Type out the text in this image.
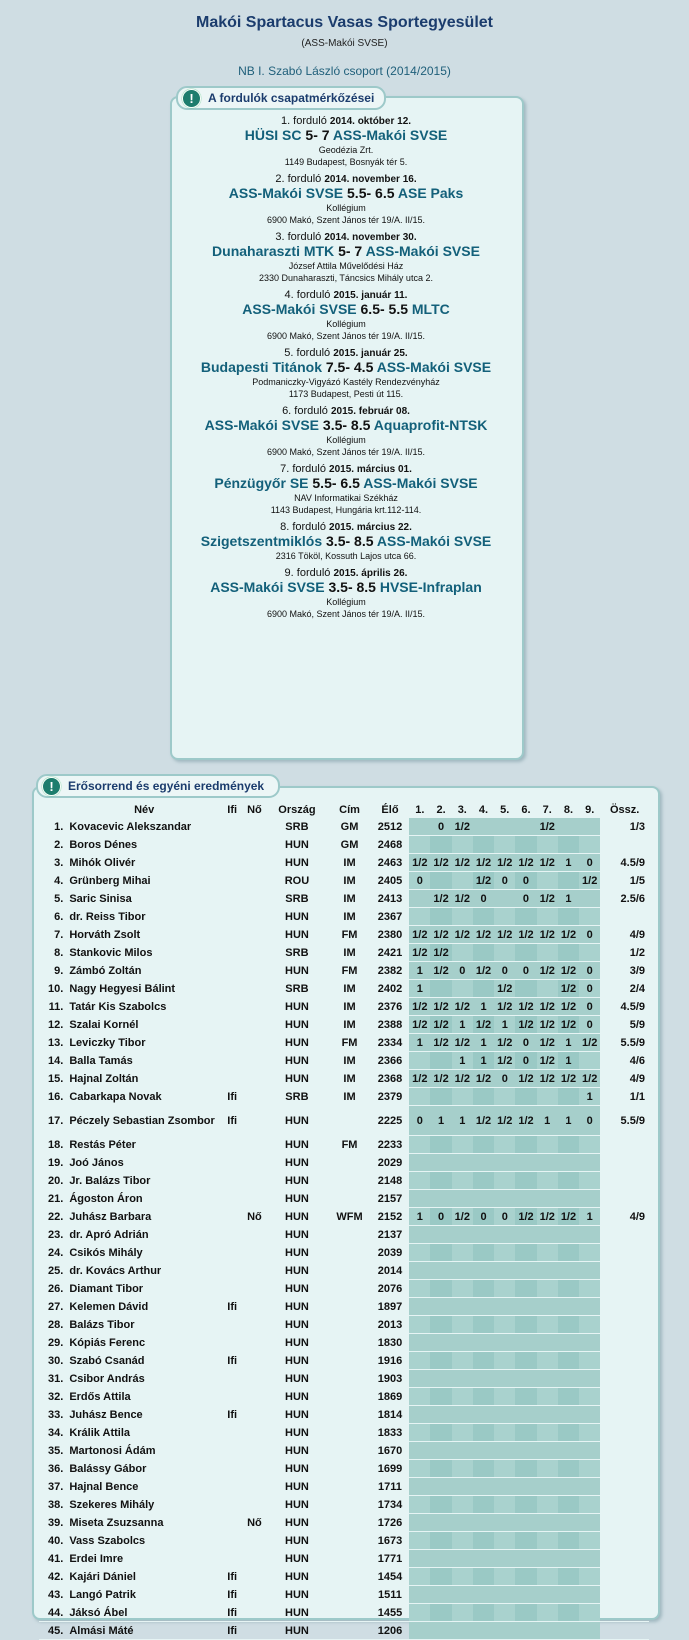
Makói Spartacus Vasas Sportegyesület
(ASS-Makói SVSE)
NB I. Szabó László csoport (2014/2015)
!	A fordulók csapatmérkőzései
1. forduló 2014. október 12.
HÜSI SC 5- 7 ASS-Makói SVSE
Geodézia Zrt.
1149 Budapest, Bosnyák tér 5.
2. forduló 2014. november 16.
ASS-Makói SVSE 5.5- 6.5 ASE Paks
Kollégium
6900 Makó, Szent János tér 19/A. II/15.
3. forduló 2014. november 30.
Dunaharaszti MTK 5- 7 ASS-Makói SVSE
József Attila Művelődési Ház
2330 Dunaharaszti, Táncsics Mihály utca 2.
4. forduló 2015. január 11.
ASS-Makói SVSE 6.5- 5.5 MLTC
Kollégium
6900 Makó, Szent János tér 19/A. II/15.
5. forduló 2015. január 25.
Budapesti Titánok 7.5- 4.5 ASS-Makói SVSE
Podmaniczky-Vigyázó Kastély Rendezvényház
1173 Budapest, Pesti út 115.
6. forduló 2015. február 08.
ASS-Makói SVSE 3.5- 8.5 Aquaprofit-NTSK
Kollégium
6900 Makó, Szent János tér 19/A. II/15.
7. forduló 2015. március 01.
Pénzügyőr SE 5.5- 6.5 ASS-Makói SVSE
NAV Informatikai Székház
1143 Budapest, Hungária krt.112-114.
8. forduló 2015. március 22.
Szigetszentmiklós 3.5- 8.5 ASS-Makói SVSE
2316 Tököl, Kossuth Lajos utca 66.
9. forduló 2015. április 26.
ASS-Makói SVSE 3.5- 8.5 HVSE-Infraplan
Kollégium
6900 Makó, Szent János tér 19/A. II/15.
!	Erősorrend és egyéni eredmények
	Név	Ifi	Nő	Ország	Cím	Élő	1.	2.	3.	4.	5.	6.	7.	8.	9.	Össz.
1.	Kovacevic Alekszandar			SRB	GM	2512		0	1/2				1/2			1/3
2.	Boros Dénes			HUN	GM	2468										
3.	Mihók Olivér			HUN	IM	2463	1/2	1/2	1/2	1/2	1/2	1/2	1/2	1	0	4.5/9
4.	Grünberg Mihai			ROU	IM	2405	0			1/2	0	0			1/2	1/5
5.	Saric Sinisa			SRB	IM	2413		1/2	1/2	0		0	1/2	1		2.5/6
6.	dr. Reiss Tibor			HUN	IM	2367										
7.	Horváth Zsolt			HUN	FM	2380	1/2	1/2	1/2	1/2	1/2	1/2	1/2	1/2	0	4/9
8.	Stankovic Milos			SRB	IM	2421	1/2	1/2								1/2
9.	Zámbó Zoltán			HUN	FM	2382	1	1/2	0	1/2	0	0	1/2	1/2	0	3/9
10.	Nagy Hegyesi Bálint			SRB	IM	2402	1				1/2			1/2	0	2/4
11.	Tatár Kis Szabolcs			HUN	IM	2376	1/2	1/2	1/2	1	1/2	1/2	1/2	1/2	0	4.5/9
12.	Szalai Kornél			HUN	IM	2388	1/2	1/2	1	1/2	1	1/2	1/2	1/2	0	5/9
13.	Leviczky Tibor			HUN	FM	2334	1	1/2	1/2	1	1/2	0	1/2	1	1/2	5.5/9
14.	Balla Tamás			HUN	IM	2366			1	1	1/2	0	1/2	1		4/6
15.	Hajnal Zoltán			HUN	IM	2368	1/2	1/2	1/2	1/2	0	1/2	1/2	1/2	1/2	4/9
16.	Cabarkapa Novak	Ifi		SRB	IM	2379									1	1/1
17.	Péczely Sebastian Zsombor	Ifi		HUN		2225	0	1	1	1/2	1/2	1/2	1	1	0	5.5/9
18.	Restás Péter			HUN	FM	2233										
19.	Joó János			HUN		2029										
20.	Jr. Balázs Tibor			HUN		2148										
21.	Ágoston Áron			HUN		2157										
22.	Juhász Barbara		Nő	HUN	WFM	2152	1	0	1/2	0	0	1/2	1/2	1/2	1	4/9
23.	dr. Apró Adrián			HUN		2137										
24.	Csikós Mihály			HUN		2039										
25.	dr. Kovács Arthur			HUN		2014										
26.	Diamant Tibor			HUN		2076										
27.	Kelemen Dávid	Ifi		HUN		1897										
28.	Balázs Tibor			HUN		2013										
29.	Kópiás Ferenc			HUN		1830										
30.	Szabó Csanád	Ifi		HUN		1916										
31.	Csibor András			HUN		1903										
32.	Erdős Attila			HUN		1869										
33.	Juhász Bence	Ifi		HUN		1814										
34.	Králik Attila			HUN		1833										
35.	Martonosi Ádám			HUN		1670										
36.	Balássy Gábor			HUN		1699										
37.	Hajnal Bence			HUN		1711										
38.	Szekeres Mihály			HUN		1734										
39.	Miseta Zsuzsanna		Nő	HUN		1726										
40.	Vass Szabolcs			HUN		1673										
41.	Erdei Imre			HUN		1771										
42.	Kajári Dániel	Ifi		HUN		1454										
43.	Langó Patrik	Ifi		HUN		1511										
44.	Jáksó Ábel	Ifi		HUN		1455										
45.	Almási Máté	Ifi		HUN		1206										
